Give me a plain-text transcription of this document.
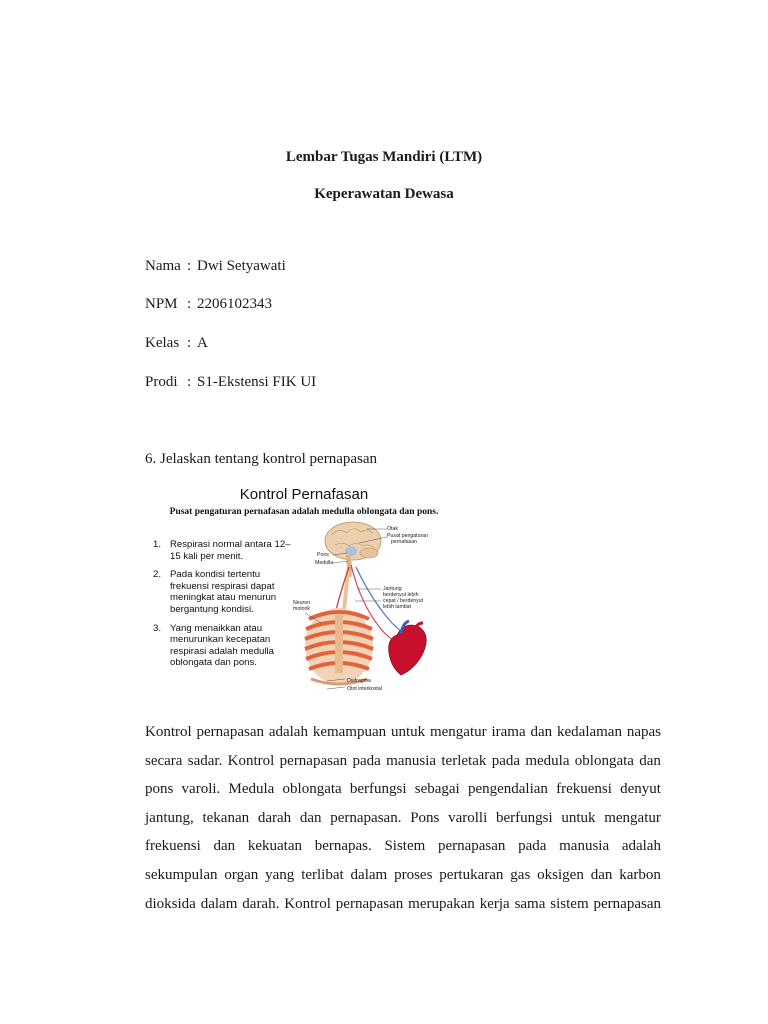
Lembar Tugas Mandiri (LTM)
Keperawatan Dewasa
Nama : Dwi Setyawati
NPM : 2206102343
Kelas : A
Prodi : S1-Ekstensi FIK UI
6. Jelaskan tentang kontrol pernapasan
Kontrol Pernafasan
Pusat pengaturan pernafasan adalah medulla oblongata dan pons.
1. Respirasi normal antara 12–15 kali per menit.
2. Pada kondisi tertentu frekuensi respirasi dapat meningkat atau menurun bergantung kondisi.
3. Yang menaikkan atau menurunkan kecepatan respirasi adalah medulla oblongata dan pons.
Otak
Pusat pengaturan
pernafasan
Pons
Medulla
Jantung
berdenyut lebih
cepat / berdenyut
lebih lambat
Neuron
motorik
Diafragma
Otot interkostal
Kontrol pernapasan adalah kemampuan untuk mengatur irama dan kedalaman napas
secara sadar. Kontrol pernapasan pada manusia terletak pada medula oblongata dan
pons varoli. Medula oblongata berfungsi sebagai pengendalian frekuensi denyut
jantung, tekanan darah dan pernapasan. Pons varolli berfungsi untuk mengatur
frekuensi dan kekuatan bernapas. Sistem pernapasan pada manusia adalah
sekumpulan organ yang terlibat dalam proses pertukaran gas oksigen dan karbon
dioksida dalam darah. Kontrol pernapasan merupakan kerja sama sistem pernapasan
